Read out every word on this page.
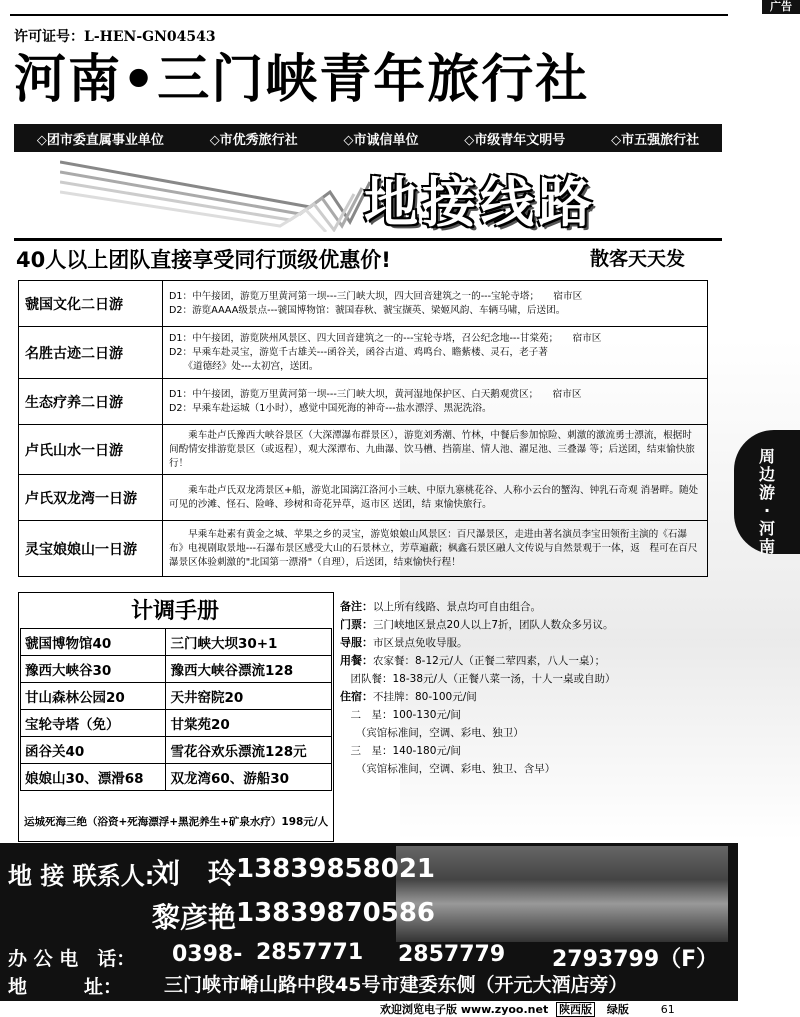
广告
许可证号：L-HEN-GN04543
河南•三门峡青年旅行社
◇团市委直属事业单位	◇市优秀旅行社	◇市诚信单位	◇市级青年文明号	◇市五强旅行社
地接线路
40人以上团队直接享受同行顶级优惠价!	散客天天发
虢国文化二日游	D1：中午接团，游览万里黄河第一坝---三门峡大坝，四大回音建筑之一的---宝轮寺塔；　　宿市区
D2：游览AAAA级景点---虢国博物馆：虢国春秋、虢宝撷英、梁姬风韵、车辆马啸，后送团。
名胜古迹二日游	D1：中午接团，游览陕州风景区、四大回音建筑之一的---宝轮寺塔，召公纪念地---甘棠苑；　　宿市区
D2：早乘车赴灵宝，游览千古雄关---函谷关，函谷古道、鸡鸣台、瞻紫楼、灵石，老子著
　　《道德经》处---太初宫，送团。
生态疗养二日游	D1：中午接团，游览万里黄河第一坝---三门峡大坝，黄河湿地保护区、白天鹅观赏区；　　宿市区
D2：早乘车赴运城（1小时），感觉中国死海的神奇---盐水漂浮、黑泥洗浴。
卢氏山水一日游	　　乘车赴卢氏豫西大峡谷景区（大深潭瀑布群景区），游览刘秀潮、竹林，中餐后参加惊险、刺激的激流勇士漂流，根据时间酌情安排游览景区（或返程），观大深潭布、九曲瀑、饮马槽、挡箭崖、情人池、濯足池、三叠瀑 等；后送团，结束愉快旅行！
卢氏双龙湾一日游	　　乘车赴卢氏双龙湾景区+船，游览北国漓江洛河小三峡、中原九寨桃花谷、人称小云台的蟹沟、钟乳石奇观 消暑畔。随处可见的沙滩、怪石、险峰、珍树和奇花异草，返市区 送团，结 束愉快旅行。
灵宝娘娘山一日游	　　早乘车赴素有黄金之城、苹果之乡的灵宝，游览娘娘山风景区：百尺瀑景区，走进由著名演员李宝田领衔主演的《石瀑布》电视剧取景地---石瀑布景区感受大山的石景林立，芳草遍蔽；枫鑫石景区融人文传说与自然景观于一体，返　程可在百尺瀑景区体验刺激的"北国第一漂滑"（自理），后送团，结束愉快行程！
周
边
游
·
河
南
计调手册
虢国博物馆40	三门峡大坝30+1
豫西大峡谷30	豫西大峡谷漂流128
甘山森林公园20	天井窑院20
宝轮寺塔（免）	甘棠苑20
函谷关40	雪花谷欢乐漂流128元
娘娘山30、漂滑68	双龙湾60、游船30
运城死海三绝（浴资+死海漂浮+黑泥养生+矿泉水疗）198元/人
备注：以上所有线路、景点均可自由组合。
门票：三门峡地区景点20人以上7折，团队人数众多另议。
导服：市区景点免收导服。
用餐：农家餐：8-12元/人（正餐二荤四素，八人一桌）；
　团队餐：18-38元/人（正餐八菜一汤，十人一桌或自助）
住宿：不挂牌：80-100元/间
　二　星：100-130元/间
　　（宾馆标准间，空调、彩电、独卫）
　三　星：140-180元/间
　　（宾馆标准间，空调、彩电、独卫、含早）
地 接 联系人:
刘　玲 13839858021
黎彦艳 13839870586
办 公 电　话： 0398- 2857771 2857779 2793799（F）
地　　　址： 三门峡市崤山路中段45号市建委东侧（开元大酒店旁）
欢迎浏览电子版 www.zyoo.net 陕西版 绿版	61
